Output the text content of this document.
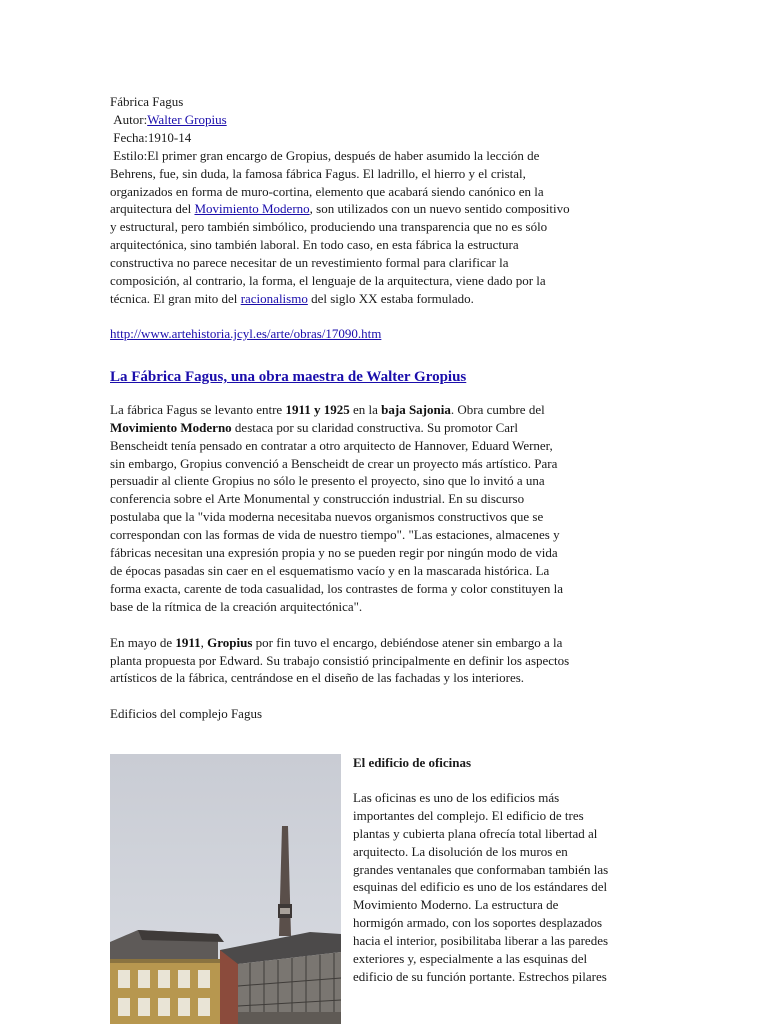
Fábrica Fagus
Autor:Walter Gropius
Fecha:1910-14
Estilo:El primer gran encargo de Gropius, después de haber asumido la lección de
Behrens, fue, sin duda, la famosa fábrica Fagus. El ladrillo, el hierro y el cristal,
organizados en forma de muro-cortina, elemento que acabará siendo canónico en la
arquitectura del Movimiento Moderno, son utilizados con un nuevo sentido compositivo
y estructural, pero también simbólico, produciendo una transparencia que no es sólo
arquitectónica, sino también laboral. En todo caso, en esta fábrica la estructura
constructiva no parece necesitar de un revestimiento formal para clarificar la
composición, al contrario, la forma, el lenguaje de la arquitectura, viene dado por la
técnica. El gran mito del racionalismo del siglo XX estaba formulado.
http://www.artehistoria.jcyl.es/arte/obras/17090.htm
La Fábrica Fagus, una obra maestra de Walter Gropius
La fábrica Fagus se levanto entre 1911 y 1925 en la baja Sajonia. Obra cumbre del
Movimiento Moderno destaca por su claridad constructiva. Su promotor Carl
Benscheidt tenía pensado en contratar a otro arquitecto de Hannover, Eduard Werner,
sin embargo, Gropius convenció a Benscheidt de crear un proyecto más artístico. Para
persuadir al cliente Gropius no sólo le presento el proyecto, sino que lo invitó a una
conferencia sobre el Arte Monumental y construcción industrial. En su discurso
postulaba que la "vida moderna necesitaba nuevos organismos constructivos que se
correspondan con las formas de vida de nuestro tiempo". "Las estaciones, almacenes y
fábricas necesitan una expresión propia y no se pueden regir por ningún modo de vida
de épocas pasadas sin caer en el esquematismo vacío y en la mascarada histórica. La
forma exacta, carente de toda casualidad, los contrastes de forma y color constituyen la
base de la rítmica de la creación arquitectónica".
En mayo de 1911, Gropius por fin tuvo el encargo, debiéndose atener sin embargo a la
planta propuesta por Edward. Su trabajo consistió principalmente en definir los aspectos
artísticos de la fábrica, centrándose en el diseño de las fachadas y los interiores.
Edificios del complejo Fagus
El edificio de oficinas
Las oficinas es uno de los edificios más
importantes del complejo. El edificio de tres
plantas y cubierta plana ofrecía total libertad al
arquitecto. La disolución de los muros en
grandes ventanales que conformaban también las
esquinas del edificio es uno de los estándares del
Movimiento Moderno. La estructura de
hormigón armado, con los soportes desplazados
hacia el interior, posibilitaba liberar a las paredes
exteriores y, especialmente a las esquinas del
edificio de su función portante. Estrechos pilares
